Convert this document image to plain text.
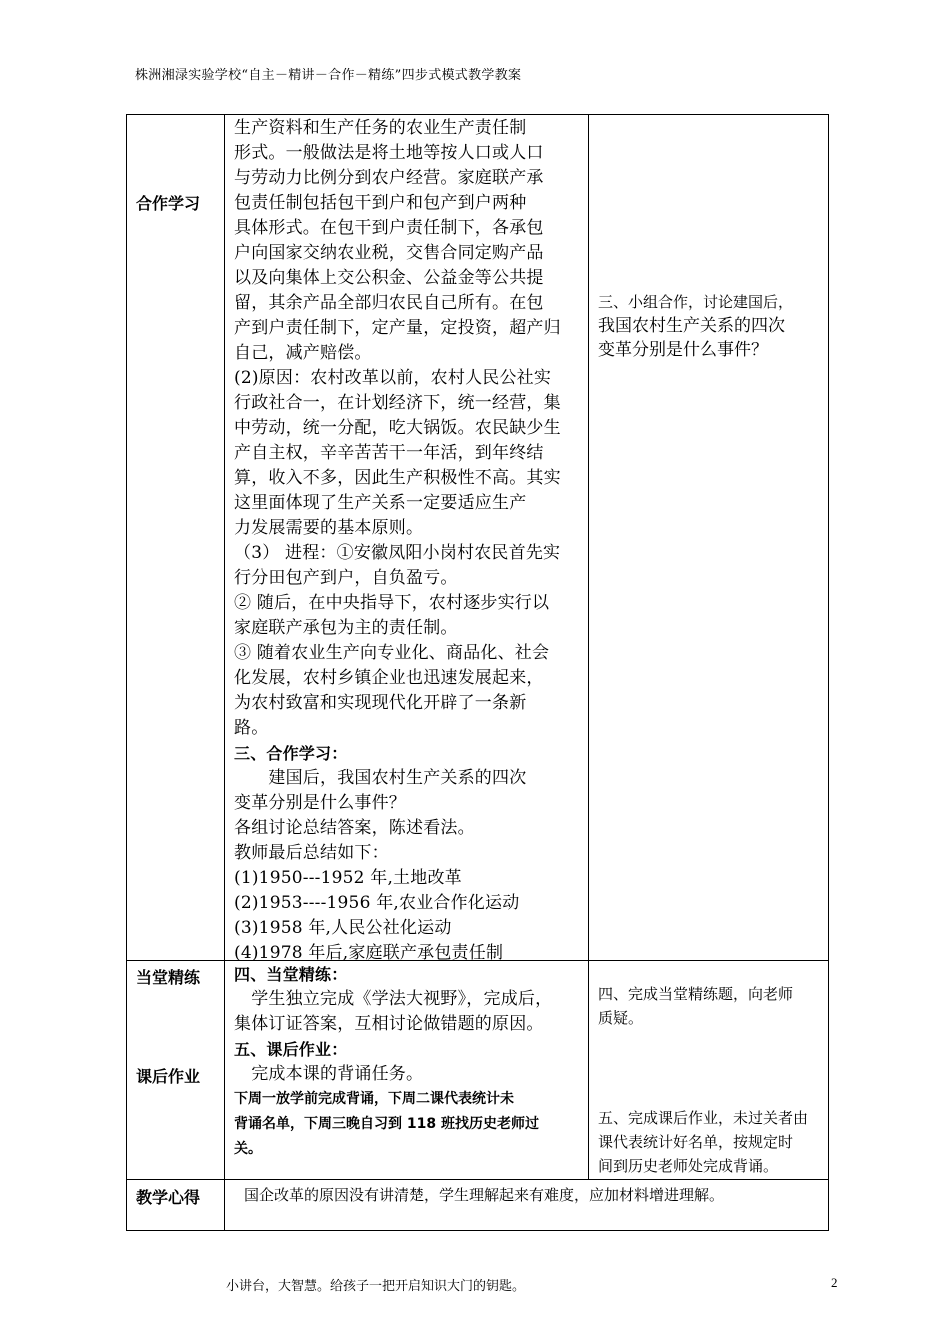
株洲湘渌实验学校“自主－精讲－合作－精练”四步式模式教学教案
合作学习
当堂精练
课后作业
教学心得

生产资料和生产任务的农业生产责任制

形式。一般做法是将土地等按人口或人口

与劳动力比例分到农户经营。家庭联产承

包责任制包括包干到户和包产到户两种

具体形式。在包干到户责任制下，各承包

户向国家交纳农业税，交售合同定购产品

以及向集体上交公积金、公益金等公共提

留，其余产品全部归农民自己所有。在包

产到户责任制下，定产量，定投资，超产归

自己，减产赔偿。

(2)原因：农村改革以前，农村人民公社实

行政社合一，在计划经济下，统一经营，集

中劳动，统一分配，吃大锅饭。农民缺少生

产自主权，辛辛苦苦干一年活，到年终结

算，收入不多，因此生产积极性不高。其实

这里面体现了生产关系一定要适应生产

力发展需要的基本原则。

（3） 进程：①安徽凤阳小岗村农民首先实

行分田包产到户，自负盈亏。

② 随后，在中央指导下，农村逐步实行以

家庭联产承包为主的责任制。

③ 随着农业生产向专业化、商品化、社会

化发展，农村乡镇企业也迅速发展起来，

为农村致富和实现现代化开辟了一条新

路。

三、合作学习：

　　建国后，我国农村生产关系的四次

变革分别是什么事件？

各组讨论总结答案，陈述看法。

教师最后总结如下：

(1)1950---1952 年,土地改革

(2)1953----1956 年,农业合作化运动

(3)1958 年,人民公社化运动

(4)1978 年后,家庭联产承包责任制

三、小组合作，讨论建国后，

我国农村生产关系的四次

变革分别是什么事件？

四、当堂精练：

　学生独立完成《学法大视野》，完成后，

集体订证答案，互相讨论做错题的原因。

五、课后作业：

　完成本课的背诵任务。

下周一放学前完成背诵，下周二课代表统计未

背诵名单，下周三晚自习到 118 班找历史老师过

关。

四、完成当堂精练题，向老师

质疑。

五、完成课后作业，未过关者由

课代表统计好名单，按规定时

间到历史老师处完成背诵。

国企改革的原因没有讲清楚，学生理解起来有难度，应加材料增进理解。
小讲台，大智慧。给孩子一把开启知识大门的钥匙。	2
